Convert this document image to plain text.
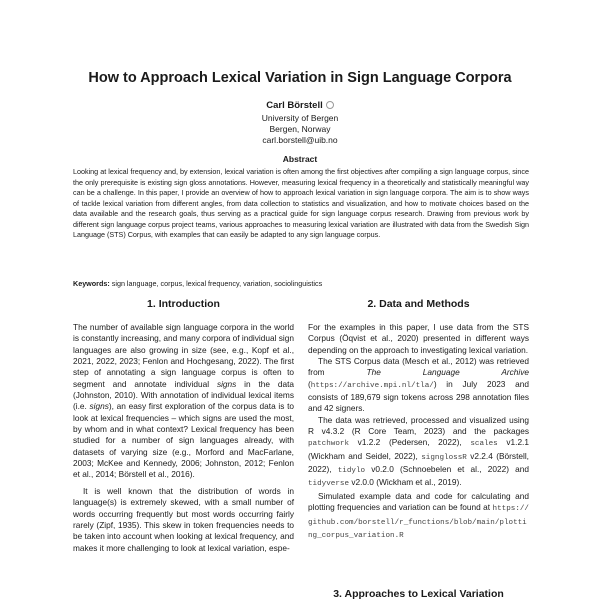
How to Approach Lexical Variation in Sign Language Corpora
Carl Börstell
University of Bergen
Bergen, Norway
carl.borstell@uib.no
Abstract
Looking at lexical frequency and, by extension, lexical variation is often among the first objectives after compiling a sign language corpus, since the only prerequisite is existing sign gloss annotations. However, measuring lexical frequency in a theoretically and statistically meaningful way can be a challenge. In this paper, I provide an overview of how to approach lexical variation in sign language corpora. The aim is to show ways of tackle lexical variation from different angles, from data collection to statistics and visualization, and how to motivate choices based on the data available and the research goals, thus serving as a practical guide for sign language corpus research. Drawing from previous work by different sign language corpus project teams, various approaches to measuring lexical variation are illustrated with data from the Swedish Sign Language (STS) Corpus, with examples that can easily be adapted to any sign language corpus.
Keywords: sign language, corpus, lexical frequency, variation, sociolinguistics
1. Introduction

The number of available sign language corpora in the world is constantly increasing, and many corpora of individual sign languages are also growing in size (see, e.g., Kopf et al., 2021, 2022, 2023; Fenlon and Hochgesang, 2022). The first step of annotating a sign language corpus is often to segment and annotate individual signs in the data (Johnston, 2010). With annotation of individual lexical items (i.e. signs), an easy first exploration of the corpus data is to look at lexical frequencies – which signs are used the most, by whom and in what context? Lexical frequency has been studied for a number of sign languages already, with datasets of varying size (e.g., Morford and MacFarlane, 2003; McKee and Kennedy, 2006; Johnston, 2012; Fenlon et al., 2014; Börstell et al., 2016).

It is well known that the distribution of words in language(s) is extremely skewed, with a small number of words occurring frequently but most words occurring fairly rarely (Zipf, 1935). This skew in token frequencies needs to be taken into account when looking at lexical frequency, and makes it more challenging to look at lexical variation, espe-

2. Data and Methods

For the examples in this paper, I use data from the STS Corpus (Öqvist et al., 2020) presented in different ways depending on the approach to investigating lexical variation.

The STS Corpus data (Mesch et al., 2012) was retrieved from The Language Archive (https://archive.mpi.nl/tla/) in July 2023 and consists of 189,679 sign tokens across 298 annotation files and 42 signers.

The data was retrieved, processed and visualized using R v4.3.2 (R Core Team, 2023) and the packages patchwork v1.2.2 (Pedersen, 2022), scales v1.2.1 (Wickham and Seidel, 2022), signglossR v2.2.4 (Börstell, 2022), tidylo v0.2.0 (Schnoebelen et al., 2022) and tidyverse v2.0.0 (Wickham et al., 2019).

Simulated example data and code for calculating and plotting frequencies and variation can be found at https://github.com/borstell/r_functions/blob/main/plotting_corpus_variation.R

3. Approaches to Lexical Variation
